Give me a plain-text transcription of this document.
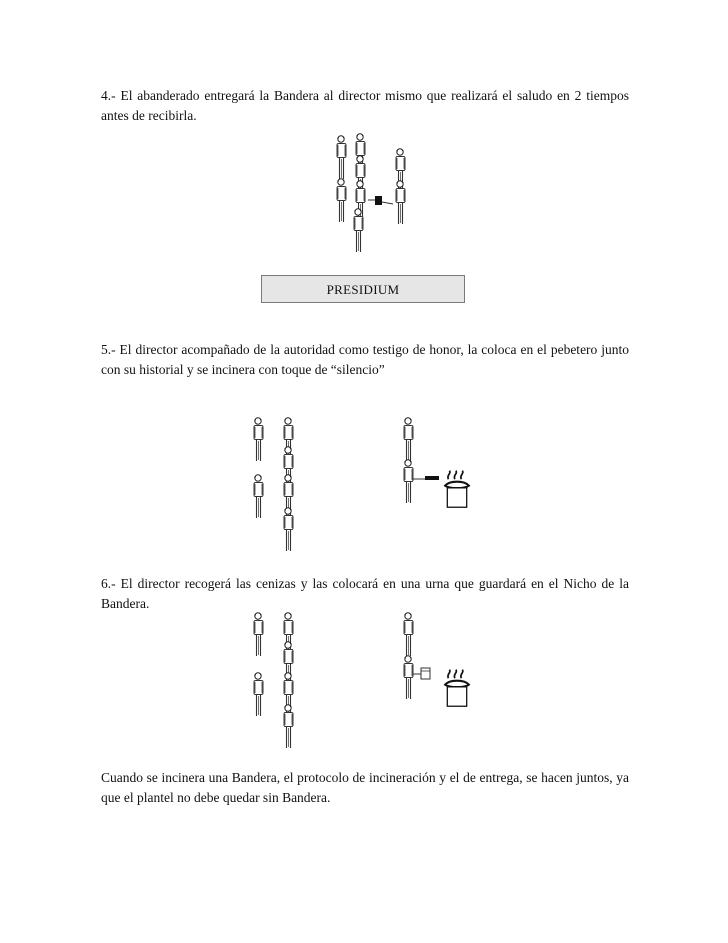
4.- El abanderado entregará la Bandera al director mismo que realizará el saludo en 2 tiempos antes de recibirla.
PRESIDIUM
5.- El director acompañado de la autoridad como testigo de honor, la coloca en el pebetero junto con su historial y se incinera con toque de “silencio”
6.- El director recogerá las cenizas y las colocará en una urna que guardará en el Nicho de la Bandera.
Cuando se incinera una Bandera, el protocolo de incineración y el de entrega, se hacen juntos, ya que el plantel no debe quedar sin Bandera.
